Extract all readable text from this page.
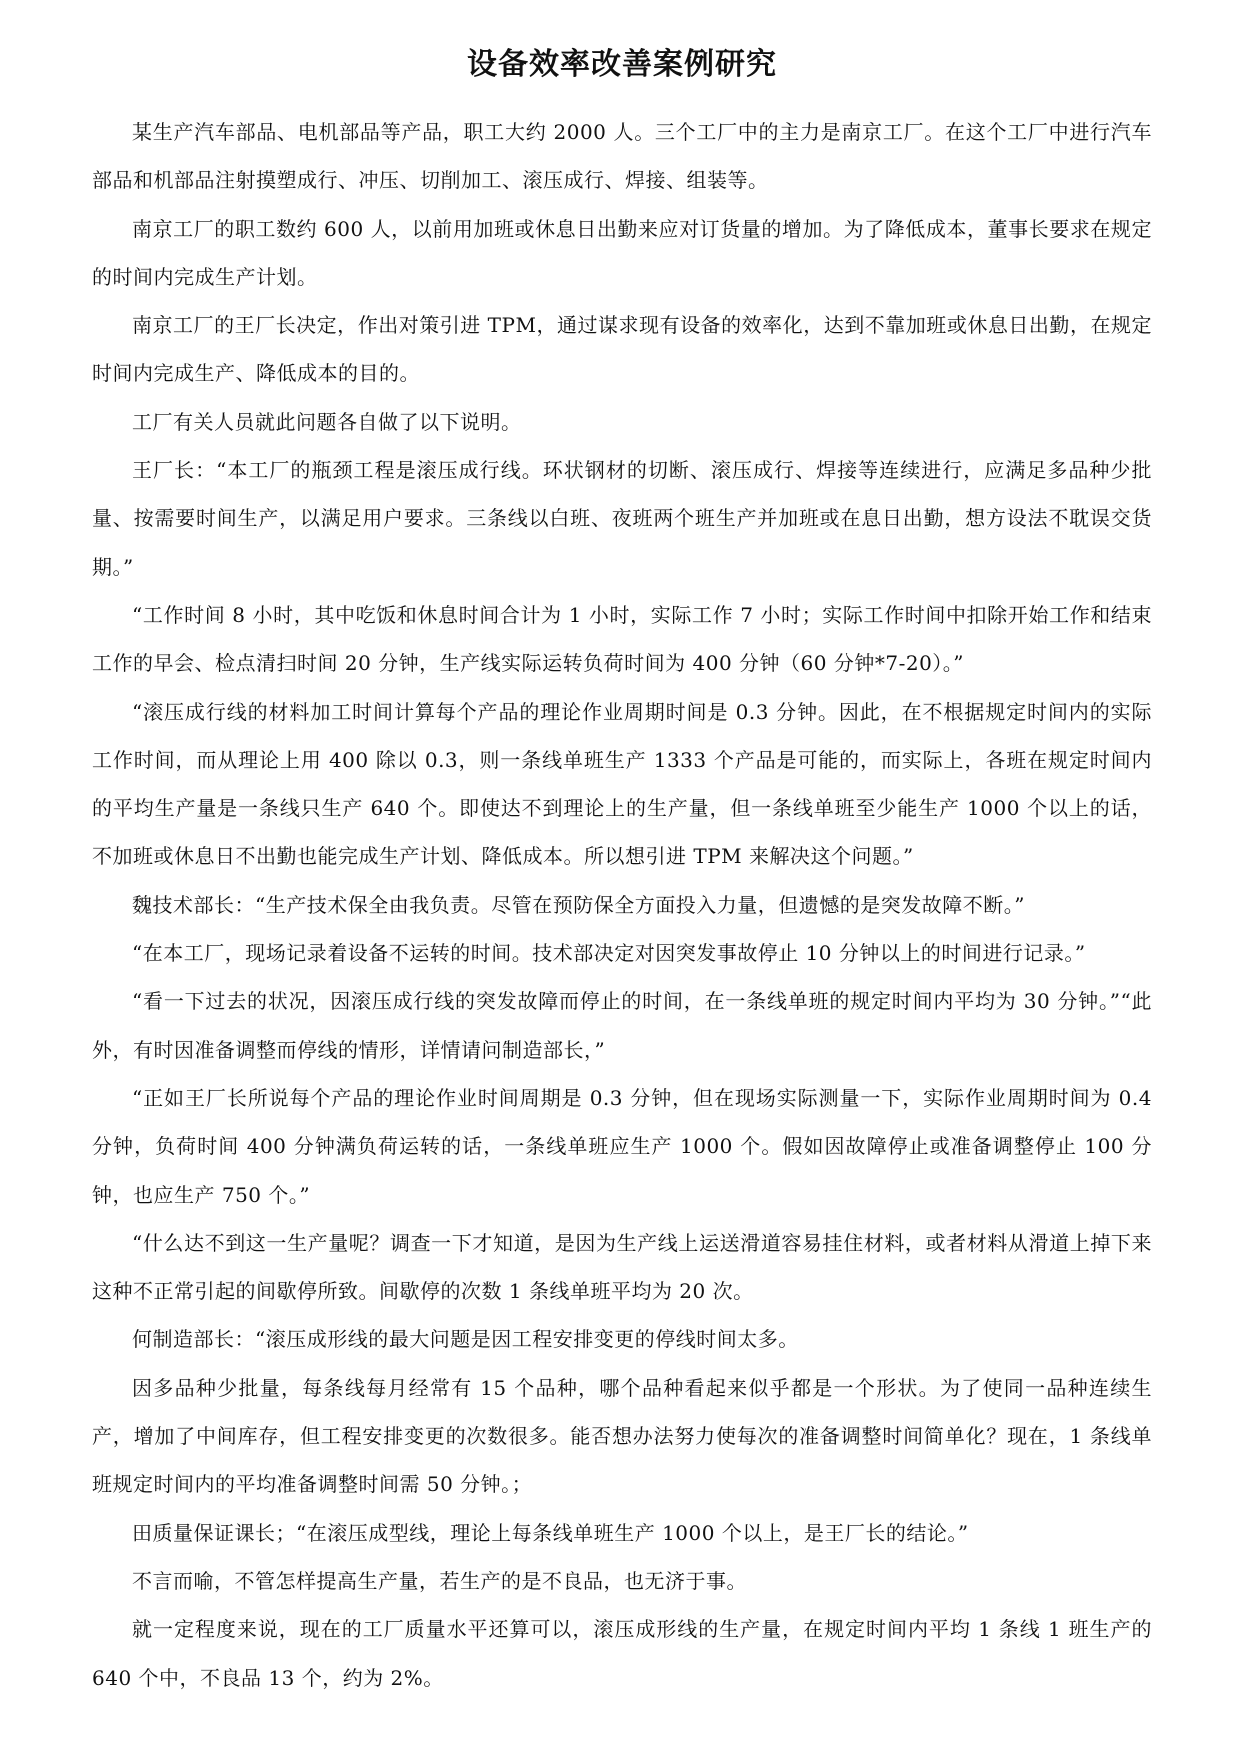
设备效率改善案例研究

某生产汽车部品、电机部品等产品，职工大约 2000 人。三个工厂中的主力是南京工厂。在这个工厂中进行汽车部品和机部品注射摸塑成行、冲压、切削加工、滚压成行、焊接、组装等。

南京工厂的职工数约 600 人，以前用加班或休息日出勤来应对订货量的增加。为了降低成本，董事长要求在规定的时间内完成生产计划。

南京工厂的王厂长决定，作出对策引进 TPM，通过谋求现有设备的效率化，达到不靠加班或休息日出勤，在规定时间内完成生产、降低成本的目的。

工厂有关人员就此问题各自做了以下说明。

王厂长：“本工厂的瓶颈工程是滚压成行线。环状钢材的切断、滚压成行、焊接等连续进行，应满足多品种少批量、按需要时间生产，以满足用户要求。三条线以白班、夜班两个班生产并加班或在息日出勤，想方设法不耽误交货期。”

“工作时间 8 小时，其中吃饭和休息时间合计为 1 小时，实际工作 7 小时；实际工作时间中扣除开始工作和结束工作的早会、检点清扫时间 20 分钟，生产线实际运转负荷时间为 400 分钟（60 分钟*7-20）。”

“滚压成行线的材料加工时间计算每个产品的理论作业周期时间是 0.3 分钟。因此，在不根据规定时间内的实际工作时间，而从理论上用 400 除以 0.3，则一条线单班生产 1333 个产品是可能的，而实际上，各班在规定时间内的平均生产量是一条线只生产 640 个。即使达不到理论上的生产量，但一条线单班至少能生产 1000 个以上的话，不加班或休息日不出勤也能完成生产计划、降低成本。所以想引进 TPM 来解决这个问题。”

魏技术部长：“生产技术保全由我负责。尽管在预防保全方面投入力量，但遗憾的是突发故障不断。”

“在本工厂，现场记录着设备不运转的时间。技术部决定对因突发事故停止 10 分钟以上的时间进行记录。”

“看一下过去的状况，因滚压成行线的突发故障而停止的时间，在一条线单班的规定时间内平均为 30 分钟。”“此外，有时因准备调整而停线的情形，详情请问制造部长，”

“正如王厂长所说每个产品的理论作业时间周期是 0.3 分钟，但在现场实际测量一下，实际作业周期时间为 0.4 分钟，负荷时间 400 分钟满负荷运转的话，一条线单班应生产 1000 个。假如因故障停止或准备调整停止 100 分钟，也应生产 750 个。”

“什么达不到这一生产量呢？调查一下才知道，是因为生产线上运送滑道容易挂住材料，或者材料从滑道上掉下来这种不正常引起的间歇停所致。间歇停的次数 1 条线单班平均为 20 次。

何制造部长：“滚压成形线的最大问题是因工程安排变更的停线时间太多。

因多品种少批量，每条线每月经常有 15 个品种，哪个品种看起来似乎都是一个形状。为了使同一品种连续生产，增加了中间库存，但工程安排变更的次数很多。能否想办法努力使每次的准备调整时间简单化？现在，1 条线单班规定时间内的平均准备调整时间需 50 分钟。；

田质量保证课长；“在滚压成型线，理论上每条线单班生产 1000 个以上，是王厂长的结论。”

不言而喻，不管怎样提高生产量，若生产的是不良品，也无济于事。

就一定程度来说，现在的工厂质量水平还算可以，滚压成形线的生产量，在规定时间内平均 1 条线 1 班生产的 640 个中，不良品 13 个，约为 2%。
